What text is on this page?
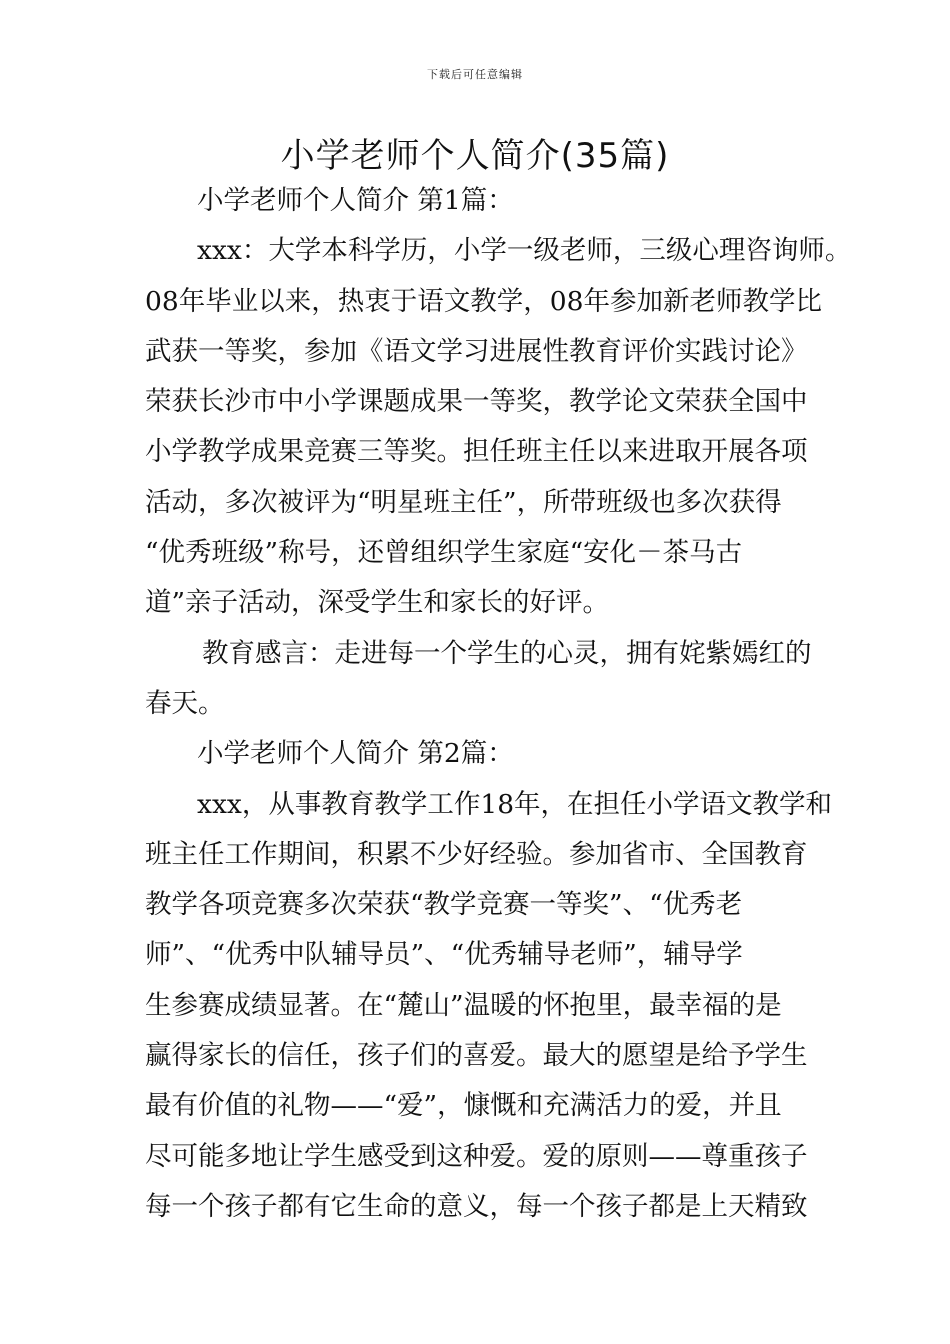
下载后可任意编辑
小学老师个人简介(35篇)
小学老师个人简介 第1篇：
xxx：大学本科学历，小学一级老师，三级心理咨询师。
08年毕业以来，热衷于语文教学，08年参加新老师教学比
武获一等奖，参加《语文学习进展性教育评价实践讨论》
荣获长沙市中小学课题成果一等奖，教学论文荣获全国中
小学教学成果竞赛三等奖。担任班主任以来进取开展各项
活动，多次被评为“明星班主任”，所带班级也多次获得
“优秀班级”称号，还曾组织学生家庭“安化－茶马古
道”亲子活动，深受学生和家长的好评。
教育感言：走进每一个学生的心灵，拥有姹紫嫣红的
春天。
小学老师个人简介 第2篇：
xxx，从事教育教学工作18年，在担任小学语文教学和
班主任工作期间，积累不少好经验。参加省市、全国教育
教学各项竞赛多次荣获“教学竞赛一等奖”、“优秀老
师”、“优秀中队辅导员”、“优秀辅导老师”，辅导学
生参赛成绩显著。在“麓山”温暖的怀抱里，最幸福的是
赢得家长的信任，孩子们的喜爱。最大的愿望是给予学生
最有价值的礼物——“爱”，慷慨和充满活力的爱，并且
尽可能多地让学生感受到这种爱。爱的原则——尊重孩子
每一个孩子都有它生命的意义，每一个孩子都是上天精致
